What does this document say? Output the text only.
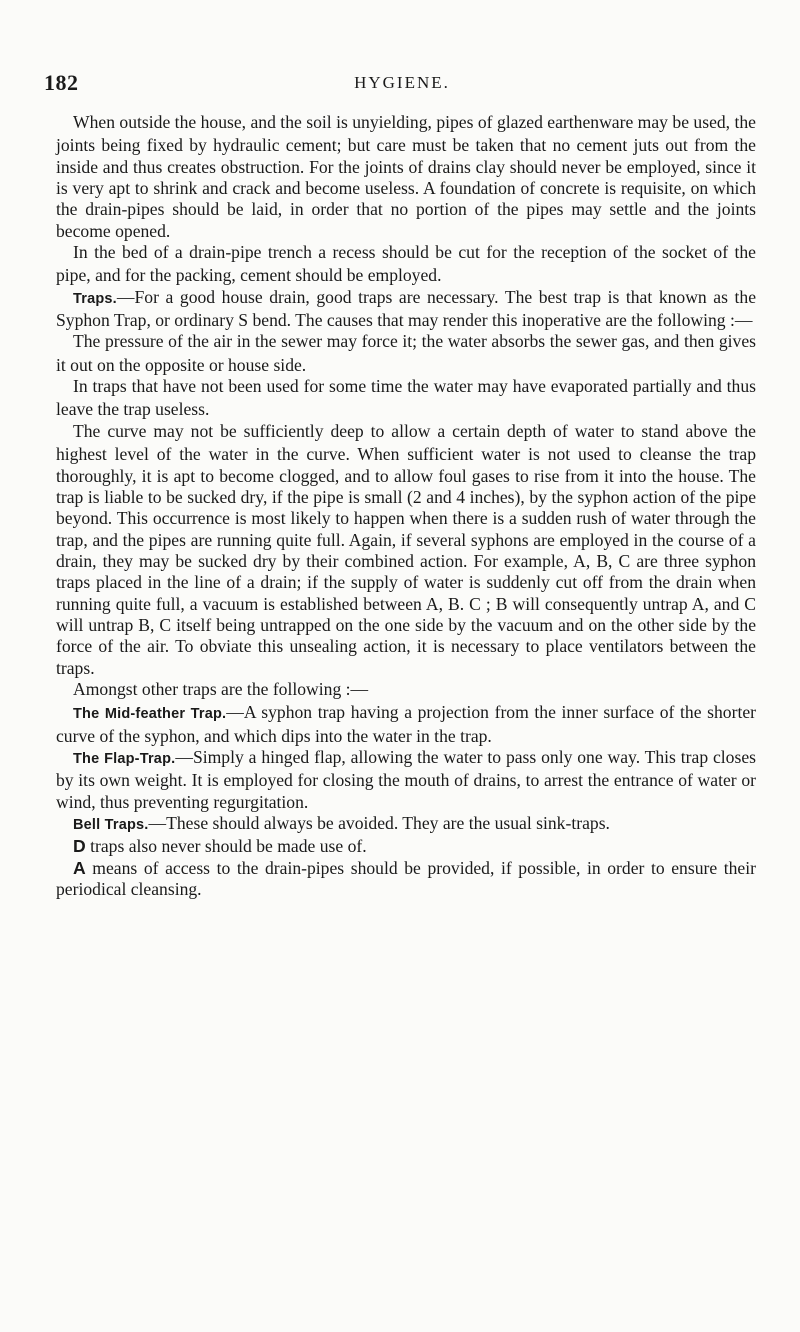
182	HYGIENE.

When outside the house, and the soil is unyielding, pipes of glazed earthenware may be used, the joints being fixed by hydraulic cement; but care must be taken that no cement juts out from the inside and thus creates obstruction. For the joints of drains clay should never be employed, since it is very apt to shrink and crack and become useless. A foundation of concrete is requisite, on which the drain-pipes should be laid, in order that no portion of the pipes may settle and the joints become opened.

In the bed of a drain-pipe trench a recess should be cut for the reception of the socket of the pipe, and for the packing, cement should be employed.

Traps.—For a good house drain, good traps are necessary. The best trap is that known as the Syphon Trap, or ordinary S bend. The causes that may render this inoperative are the following :—

The pressure of the air in the sewer may force it; the water absorbs the sewer gas, and then gives it out on the opposite or house side.

In traps that have not been used for some time the water may have evaporated partially and thus leave the trap useless.

The curve may not be sufficiently deep to allow a certain depth of water to stand above the highest level of the water in the curve. When sufficient water is not used to cleanse the trap thoroughly, it is apt to become clogged, and to allow foul gases to rise from it into the house. The trap is liable to be sucked dry, if the pipe is small (2 and 4 inches), by the syphon action of the pipe beyond. This occurrence is most likely to happen when there is a sudden rush of water through the trap, and the pipes are running quite full. Again, if several syphons are employed in the course of a drain, they may be sucked dry by their combined action. For example, A, B, C are three syphon traps placed in the line of a drain; if the supply of water is suddenly cut off from the drain when running quite full, a vacuum is established between A, B. C ; B will consequently untrap A, and C will untrap B, C itself being untrapped on the one side by the vacuum and on the other side by the force of the air. To obviate this unsealing action, it is necessary to place ventilators between the traps.

Amongst other traps are the following :—

The Mid-feather Trap.—A syphon trap having a projection from the inner surface of the shorter curve of the syphon, and which dips into the water in the trap.

The Flap-Trap.—Simply a hinged flap, allowing the water to pass only one way. This trap closes by its own weight. It is employed for closing the mouth of drains, to arrest the entrance of water or wind, thus preventing regurgitation.

Bell Traps.—These should always be avoided. They are the usual sink-traps.

D traps also never should be made use of.

A means of access to the drain-pipes should be provided, if possible, in order to ensure their periodical cleansing.
